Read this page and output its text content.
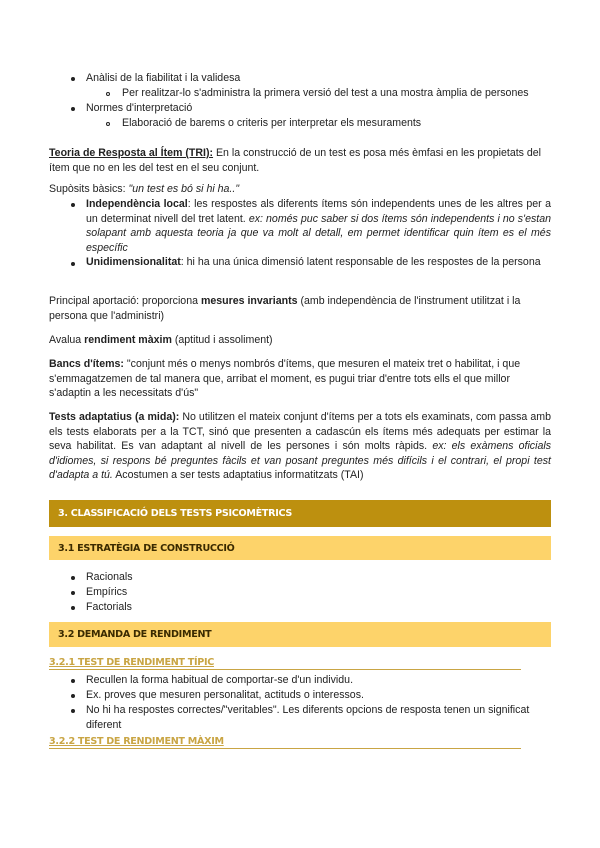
Anàlisi de la fiabilitat i la validesa

Per realitzar-lo s'administra la primera versió del test a una mostra àmplia de persones

Normes d'interpretació

Elaboració de barems o criteris per interpretar els mesuraments

Teoria de Resposta al Ítem (TRI): En la construcció de un test es posa més èmfasi en les propietats del ítem que no en les del test en el seu conjunt.

Supòsits bàsics: "un test es bó si hi ha.."

Independència local: les respostes als diferents ítems són independents unes de les altres per a un determinat nivell del tret latent. ex: només puc saber si dos ítems són independents i no s'estan solapant amb aquesta teoria ja que va molt al detall, em permet identificar quin ítem es el més específic

Unidimensionalitat: hi ha una única dimensió latent responsable de les respostes de la persona

Principal aportació: proporciona mesures invariants (amb independència de l'instrument utilitzat i la persona que l'administri)

Avalua rendiment màxim (aptitud i assoliment)

Bancs d'ítems: "conjunt més o menys nombrós d'ítems, que mesuren el mateix tret o habilitat, i que s'emmagatzemen de tal manera que, arribat el moment, es pugui triar d'entre tots ells el que millor s'adaptin a les necessitats d'ús"

Tests adaptatius (a mida): No utilitzen el mateix conjunt d'ítems per a tots els examinats, com passa amb els tests elaborats per a la TCT, sinó que presenten a cadascún els ítems més adequats per estimar la seva habilitat. Es van adaptant al nivell de les persones i són molts ràpids. ex: els exàmens oficials d'idiomes, si respons bé preguntes fàcils et van posant preguntes més difícils i el contrari, el propi test d'adapta a tú. Acostumen a ser tests adaptatius informatitzats (TAI)

3. CLASSIFICACIÓ DELS TESTS PSICOMÈTRICS
3.1 ESTRATÈGIA DE CONSTRUCCIÓ

Racionals

Empírics

Factorials

3.2 DEMANDA DE RENDIMENT
3.2.1 TEST DE RENDIMENT TÍPIC

Recullen la forma habitual de comportar-se d'un individu.

Ex. proves que mesuren personalitat, actituds o interessos.

No hi ha respostes correctes/"veritables". Les diferents opcions de resposta tenen un significat diferent

3.2.2 TEST DE RENDIMENT MÀXIM
